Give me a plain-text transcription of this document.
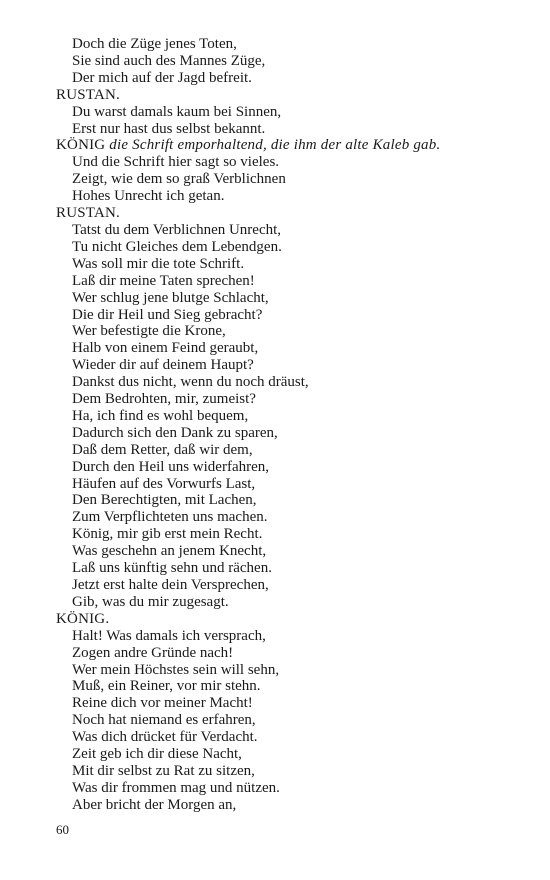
Doch die Züge jenes Toten,
Sie sind auch des Mannes Züge,
Der mich auf der Jagd befreit.
RUSTAN.
Du warst damals kaum bei Sinnen,
Erst nur hast dus selbst bekannt.
KÖNIG die Schrift emporhaltend, die ihm der alte Kaleb gab.
Und die Schrift hier sagt so vieles.
Zeigt, wie dem so graß Verblichnen
Hohes Unrecht ich getan.
RUSTAN.
Tatst du dem Verblichnen Unrecht,
Tu nicht Gleiches dem Lebendgen.
Was soll mir die tote Schrift.
Laß dir meine Taten sprechen!
Wer schlug jene blutge Schlacht,
Die dir Heil und Sieg gebracht?
Wer befestigte die Krone,
Halb von einem Feind geraubt,
Wieder dir auf deinem Haupt?
Dankst dus nicht, wenn du noch dräust,
Dem Bedrohten, mir, zumeist?
Ha, ich find es wohl bequem,
Dadurch sich den Dank zu sparen,
Daß dem Retter, daß wir dem,
Durch den Heil uns widerfahren,
Häufen auf des Vorwurfs Last,
Den Berechtigten, mit Lachen,
Zum Verpflichteten uns machen.
König, mir gib erst mein Recht.
Was geschehn an jenem Knecht,
Laß uns künftig sehn und rächen.
Jetzt erst halte dein Versprechen,
Gib, was du mir zugesagt.
KÖNIG.
Halt! Was damals ich versprach,
Zogen andre Gründe nach!
Wer mein Höchstes sein will sehn,
Muß, ein Reiner, vor mir stehn.
Reine dich vor meiner Macht!
Noch hat niemand es erfahren,
Was dich drücket für Verdacht.
Zeit geb ich dir diese Nacht,
Mit dir selbst zu Rat zu sitzen,
Was dir frommen mag und nützen.
Aber bricht der Morgen an,
60
